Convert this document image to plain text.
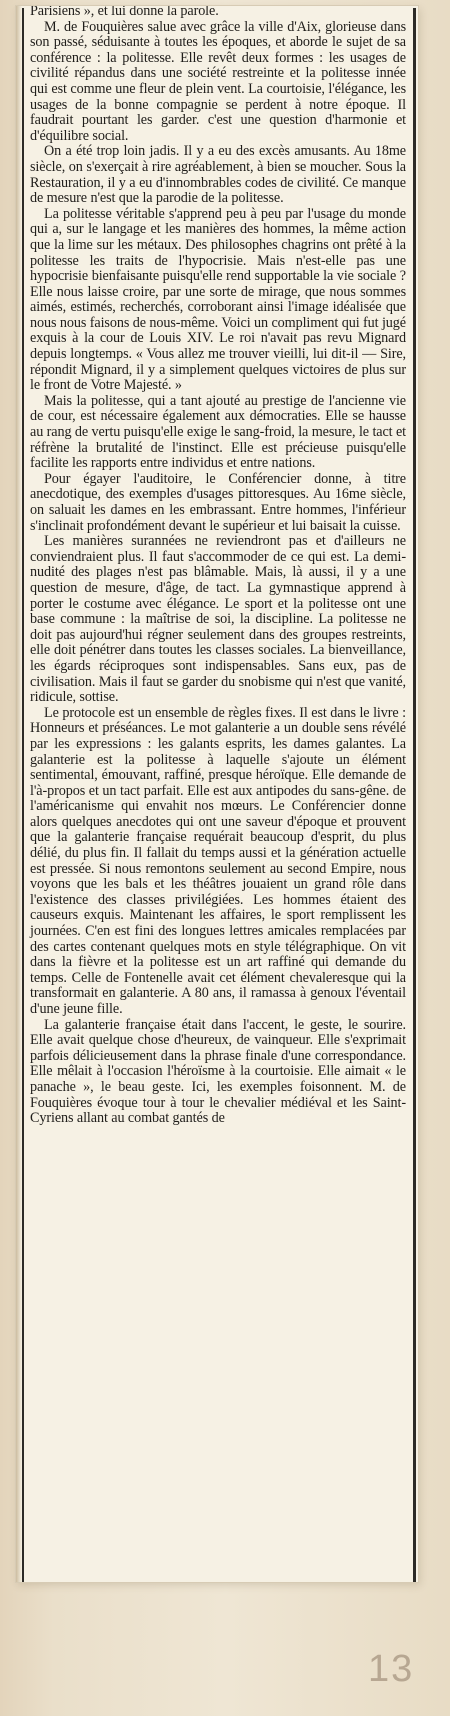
Parisiens », et lui donne la parole.

M. de Fouquières salue avec grâce la ville d'Aix, glorieuse dans son passé, séduisante à toutes les époques, et aborde le sujet de sa conférence : la politesse. Elle revêt deux formes : les usages de civilité répandus dans une société restreinte et la politesse innée qui est comme une fleur de plein vent. La courtoisie, l'élégance, les usages de la bonne compagnie se perdent à notre époque. Il faudrait pourtant les garder. c'est une question d'harmonie et d'équilibre social.

On a été trop loin jadis. Il y a eu des excès amusants. Au 18me siècle, on s'exerçait à rire agréablement, à bien se moucher. Sous la Restauration, il y a eu d'innombrables codes de civilité. Ce manque de mesure n'est que la parodie de la politesse.

La politesse véritable s'apprend peu à peu par l'usage du monde qui a, sur le langage et les manières des hommes, la même action que la lime sur les métaux. Des philosophes chagrins ont prêté à la politesse les traits de l'hypocrisie. Mais n'est-elle pas une hypocrisie bienfaisante puisqu'elle rend supportable la vie sociale ? Elle nous laisse croire, par une sorte de mirage, que nous sommes aimés, estimés, recherchés, corroborant ainsi l'image idéalisée que nous nous faisons de nous-même. Voici un compliment qui fut jugé exquis à la cour de Louis XIV. Le roi n'avait pas revu Mignard depuis longtemps. « Vous allez me trouver vieilli, lui dit-il — Sire, répondit Mignard, il y a simplement quelques victoires de plus sur le front de Votre Majesté. »

Mais la politesse, qui a tant ajouté au prestige de l'ancienne vie de cour, est nécessaire également aux démocraties. Elle se hausse au rang de vertu puisqu'elle exige le sang-froid, la mesure, le tact et réfrène la brutalité de l'instinct. Elle est précieuse puisqu'elle facilite les rapports entre individus et entre nations.

Pour égayer l'auditoire, le Conférencier donne, à titre anecdotique, des exemples d'usages pittoresques. Au 16me siècle, on saluait les dames en les embrassant. Entre hommes, l'inférieur s'inclinait profondément devant le supérieur et lui baisait la cuisse.

Les manières surannées ne reviendront pas et d'ailleurs ne conviendraient plus. Il faut s'accommoder de ce qui est. La demi-nudité des plages n'est pas blâmable. Mais, là aussi, il y a une question de mesure, d'âge, de tact. La gymnastique apprend à porter le costume avec élégance. Le sport et la politesse ont une base commune : la maîtrise de soi, la discipline. La politesse ne doit pas aujourd'hui régner seulement dans des groupes restreints, elle doit pénétrer dans toutes les classes sociales. La bienveillance, les égards réciproques sont indispensables. Sans eux, pas de civilisation. Mais il faut se garder du snobisme qui n'est que vanité, ridicule, sottise.

Le protocole est un ensemble de règles fixes. Il est dans le livre : Honneurs et préséances. Le mot galanterie a un double sens révélé par les expressions : les galants esprits, les dames galantes. La galanterie est la politesse à laquelle s'ajoute un élément sentimental, émouvant, raffiné, presque héroïque. Elle demande de l'à-propos et un tact parfait. Elle est aux antipodes du sans-gêne. de l'américanisme qui envahit nos mœurs. Le Conférencier donne alors quelques anecdotes qui ont une saveur d'époque et prouvent que la galanterie française requérait beaucoup d'esprit, du plus délié, du plus fin. Il fallait du temps aussi et la génération actuelle est pressée. Si nous remontons seulement au second Empire, nous voyons que les bals et les théâtres jouaient un grand rôle dans l'existence des classes privilégiées. Les hommes étaient des causeurs exquis. Maintenant les affaires, le sport remplissent les journées. C'en est fini des longues lettres amicales remplacées par des cartes contenant quelques mots en style télégraphique. On vit dans la fièvre et la politesse est un art raffiné qui demande du temps. Celle de Fontenelle avait cet élément chevaleresque qui la transformait en galanterie. A 80 ans, il ramassa à genoux l'éventail d'une jeune fille.

La galanterie française était dans l'accent, le geste, le sourire. Elle avait quelque chose d'heureux, de vainqueur. Elle s'exprimait parfois délicieusement dans la phrase finale d'une correspondance. Elle mêlait à l'occasion l'héroïsme à la courtoisie. Elle aimait « le panache », le beau geste. Ici, les exemples foisonnent. M. de Fouquières évoque tour à tour le chevalier médiéval et les Saint-Cyriens allant au combat gantés de

13
